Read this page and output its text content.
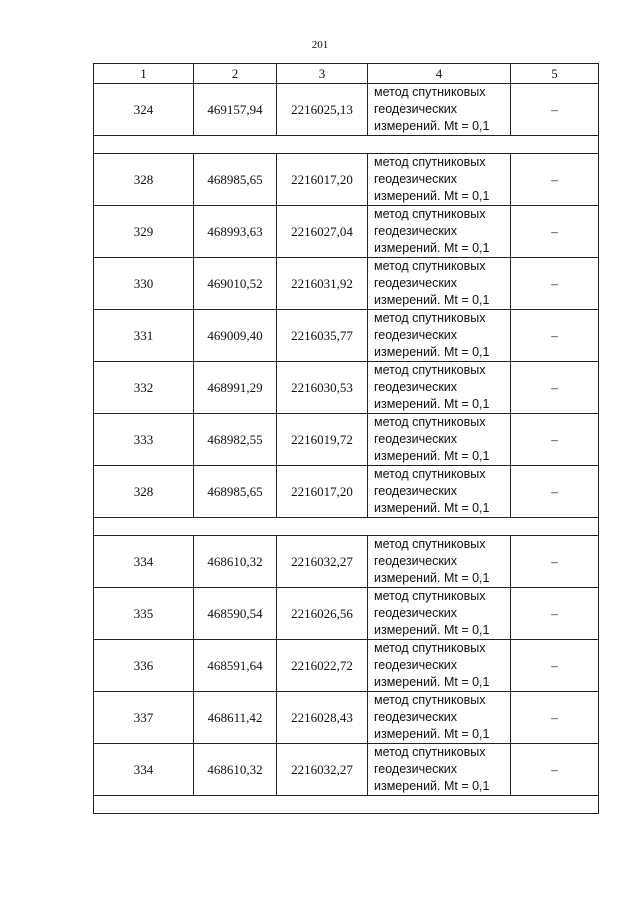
201
1	2	3	4	5
324	469157,94	2216025,13	метод спутниковых
геодезических
измерений. Mt = 0,1	–

328	468985,65	2216017,20	метод спутниковых
геодезических
измерений. Mt = 0,1	–
329	468993,63	2216027,04	метод спутниковых
геодезических
измерений. Mt = 0,1	–
330	469010,52	2216031,92	метод спутниковых
геодезических
измерений. Mt = 0,1	–
331	469009,40	2216035,77	метод спутниковых
геодезических
измерений. Mt = 0,1	–
332	468991,29	2216030,53	метод спутниковых
геодезических
измерений. Mt = 0,1	–
333	468982,55	2216019,72	метод спутниковых
геодезических
измерений. Mt = 0,1	–
328	468985,65	2216017,20	метод спутниковых
геодезических
измерений. Mt = 0,1	–

334	468610,32	2216032,27	метод спутниковых
геодезических
измерений. Mt = 0,1	–
335	468590,54	2216026,56	метод спутниковых
геодезических
измерений. Mt = 0,1	–
336	468591,64	2216022,72	метод спутниковых
геодезических
измерений. Mt = 0,1	–
337	468611,42	2216028,43	метод спутниковых
геодезических
измерений. Mt = 0,1	–
334	468610,32	2216032,27	метод спутниковых
геодезических
измерений. Mt = 0,1	–
